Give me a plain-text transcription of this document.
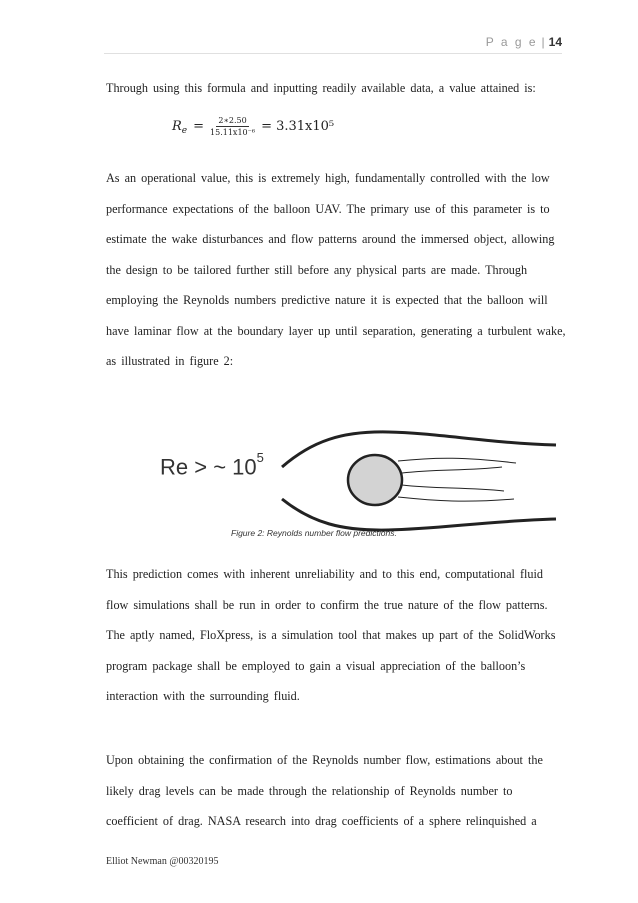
P a g e | 14

Through using this formula and inputting readily available data, a value attained is:

R $e = \frac{2∗2.50}{\text{15.11x10⁻⁶}} = 3.31x10^5$

As an operational value, this is extremely high, fundamentally controlled with the low performance expectations of the balloon UAV. The primary use of this parameter is to estimate the wake disturbances and flow patterns around the immersed object, allowing the design to be tailored further still before any physical parts are made. Through employing the Reynolds numbers predictive nature it is expected that the balloon will have laminar flow at the boundary layer up until separation, generating a turbulent wake, as illustrated in figure 2:

Re > ~ $10^5$
Figure 2: Reynolds number flow predictions.

This prediction comes with inherent unreliability and to this end, computational fluid flow simulations shall be run in order to confirm the true nature of the flow patterns. The aptly named, FloXpress, is a simulation tool that makes up part of the SolidWorks program package shall be employed to gain a visual appreciation of the balloon’s interaction with the surrounding fluid.

Upon obtaining the confirmation of the Reynolds number flow, estimations about the likely drag levels can be made through the relationship of Reynolds number to coefficient of drag. NASA research into drag coefficients of a sphere relinquished a

Elliot Newman @00320195
